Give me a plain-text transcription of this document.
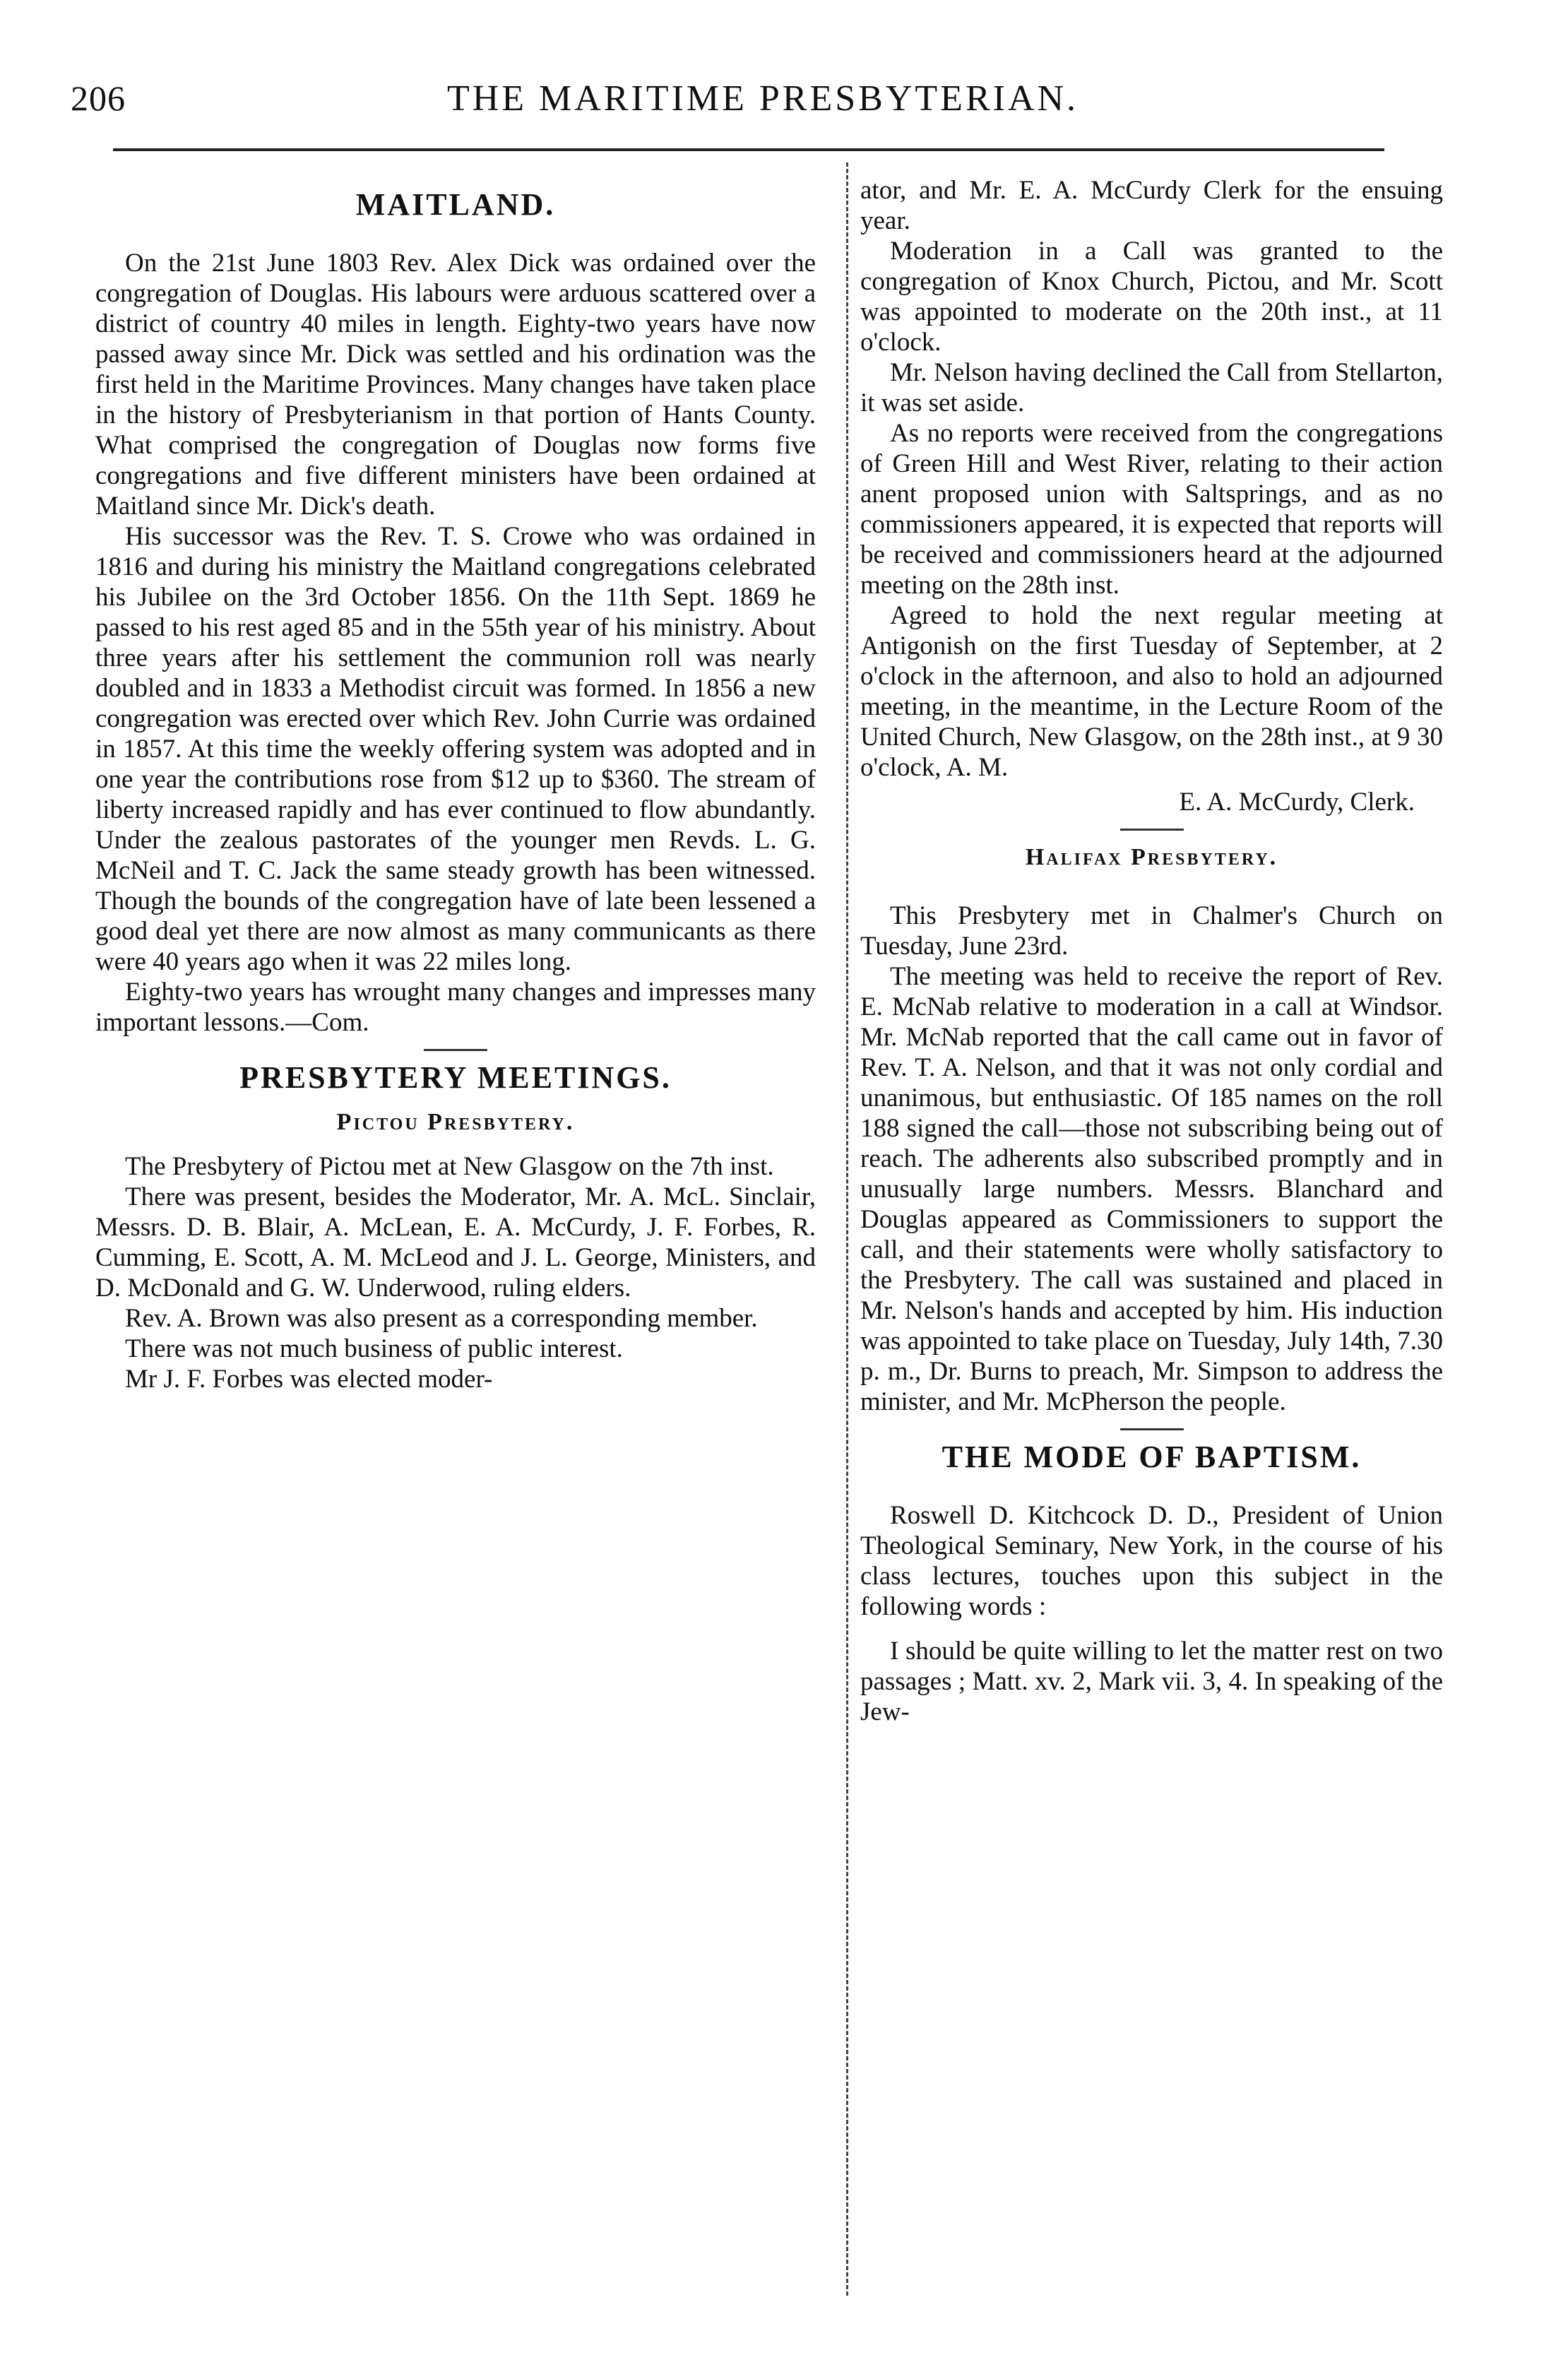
206	THE MARITIME PRESBYTERIAN.
MAITLAND.

On the 21st June 1803 Rev. Alex Dick was ordained over the congregation of Douglas. His labours were arduous scattered over a district of country 40 miles in length. Eighty-two years have now passed away since Mr. Dick was settled and his ordination was the first held in the Maritime Provinces. Many changes have taken place in the history of Presbyterianism in that portion of Hants County. What comprised the congregation of Douglas now forms five congregations and five different ministers have been ordained at Maitland since Mr. Dick's death.

His successor was the Rev. T. S. Crowe who was ordained in 1816 and during his ministry the Maitland congregations celebrated his Jubilee on the 3rd October 1856. On the 11th Sept. 1869 he passed to his rest aged 85 and in the 55th year of his ministry. About three years after his settlement the communion roll was nearly doubled and in 1833 a Methodist circuit was formed. In 1856 a new congregation was erected over which Rev. John Currie was ordained in 1857. At this time the weekly offering system was adopted and in one year the contributions rose from $12 up to $360. The stream of liberty increased rapidly and has ever continued to flow abundantly. Under the zealous pastorates of the younger men Revds. L. G. McNeil and T. C. Jack the same steady growth has been witnessed. Though the bounds of the congregation have of late been lessened a good deal yet there are now almost as many communicants as there were 40 years ago when it was 22 miles long.

Eighty-two years has wrought many changes and impresses many important lessons.—Com.

PRESBYTERY MEETINGS.
Pictou Presbytery.

The Presbytery of Pictou met at New Glasgow on the 7th inst.

There was present, besides the Moderator, Mr. A. McL. Sinclair, Messrs. D. B. Blair, A. McLean, E. A. McCurdy, J. F. Forbes, R. Cumming, E. Scott, A. M. McLeod and J. L. George, Ministers, and D. McDonald and G. W. Underwood, ruling elders.

Rev. A. Brown was also present as a corresponding member.

There was not much business of public interest.

Mr J. F. Forbes was elected moder-

ator, and Mr. E. A. McCurdy Clerk for the ensuing year.

Moderation in a Call was granted to the congregation of Knox Church, Pictou, and Mr. Scott was appointed to moderate on the 20th inst., at 11 o'clock.

Mr. Nelson having declined the Call from Stellarton, it was set aside.

As no reports were received from the congregations of Green Hill and West River, relating to their action anent proposed union with Saltsprings, and as no commissioners appeared, it is expected that reports will be received and commissioners heard at the adjourned meeting on the 28th inst.

Agreed to hold the next regular meeting at Antigonish on the first Tuesday of September, at 2 o'clock in the afternoon, and also to hold an adjourned meeting, in the meantime, in the Lecture Room of the United Church, New Glasgow, on the 28th inst., at 9 30 o'clock, A. M.

E. A. McCurdy, Clerk.
Halifax Presbytery.

This Presbytery met in Chalmer's Church on Tuesday, June 23rd.

The meeting was held to receive the report of Rev. E. McNab relative to moderation in a call at Windsor. Mr. McNab reported that the call came out in favor of Rev. T. A. Nelson, and that it was not only cordial and unanimous, but enthusiastic. Of 185 names on the roll 188 signed the call—those not subscribing being out of reach. The adherents also subscribed promptly and in unusually large numbers. Messrs. Blanchard and Douglas appeared as Commissioners to support the call, and their statements were wholly satisfactory to the Presbytery. The call was sustained and placed in Mr. Nelson's hands and accepted by him. His induction was appointed to take place on Tuesday, July 14th, 7.30 p. m., Dr. Burns to preach, Mr. Simpson to address the minister, and Mr. McPherson the people.

THE MODE OF BAPTISM.

Roswell D. Kitchcock D. D., President of Union Theological Seminary, New York, in the course of his class lectures, touches upon this subject in the following words :

I should be quite willing to let the matter rest on two passages ; Matt. xv. 2, Mark vii. 3, 4. In speaking of the Jew-
